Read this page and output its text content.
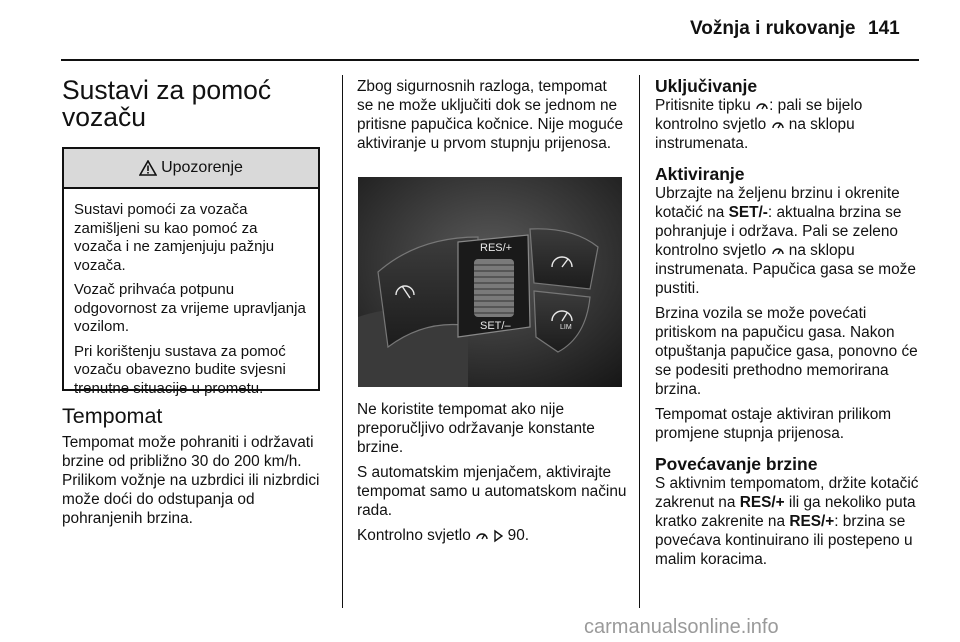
Vožnja i rukovanje 141
Sustavi za pomoć
vozaču
Upozorenje

Sustavi pomoći za vozača zamišljeni su kao pomoć za vozača i ne zamjenjuju pažnju vozača.

Vozač prihvaća potpunu odgovornost za vrijeme upravljanja vozilom.

Pri korištenju sustava za pomoć vozaču obavezno budite svjesni trenutne situacije u prometu.

Tempomat

Tempomat može pohraniti i održavati brzine od približno 30 do 200 km/h. Prilikom vožnje na uzbrdici ili nizbrdici može doći do odstupanja od pohranjenih brzina.

Zbog sigurnosnih razloga, tempomat se ne može uključiti dok se jednom ne pritisne papučica kočnice. Nije moguće aktiviranje u prvom stupnju prijenosa.

RES/+
SET/–	LIM

Ne koristite tempomat ako nije preporučljivo održavanje konstante brzine.

S automatskim mjenjačem, aktivirajte tempomat samo u automatskom načinu rada.

Kontrolno svjetlo 90.

Uključivanje

Pritisnite tipku : pali se bijelo kontrolno svjetlo na sklopu instrumenata.

Aktiviranje

Ubrzajte na željenu brzinu i okrenite kotačić na SET/-: aktualna brzina se pohranjuje i održava. Pali se zeleno kontrolno svjetlo na sklopu instrumenata. Papučica gasa se može pustiti.

Brzina vozila se može povećati pritiskom na papučicu gasa. Nakon otpuštanja papučice gasa, ponovno će se podesiti prethodno memorirana brzina.

Tempomat ostaje aktiviran prilikom promjene stupnja prijenosa.

Povećavanje brzine

S aktivnim tempomatom, držite kotačić zakrenut na RES/+ ili ga nekoliko puta kratko zakrenite na RES/+: brzina se povećava kontinuirano ili postepeno u malim koracima.

carmanualsonline.info
